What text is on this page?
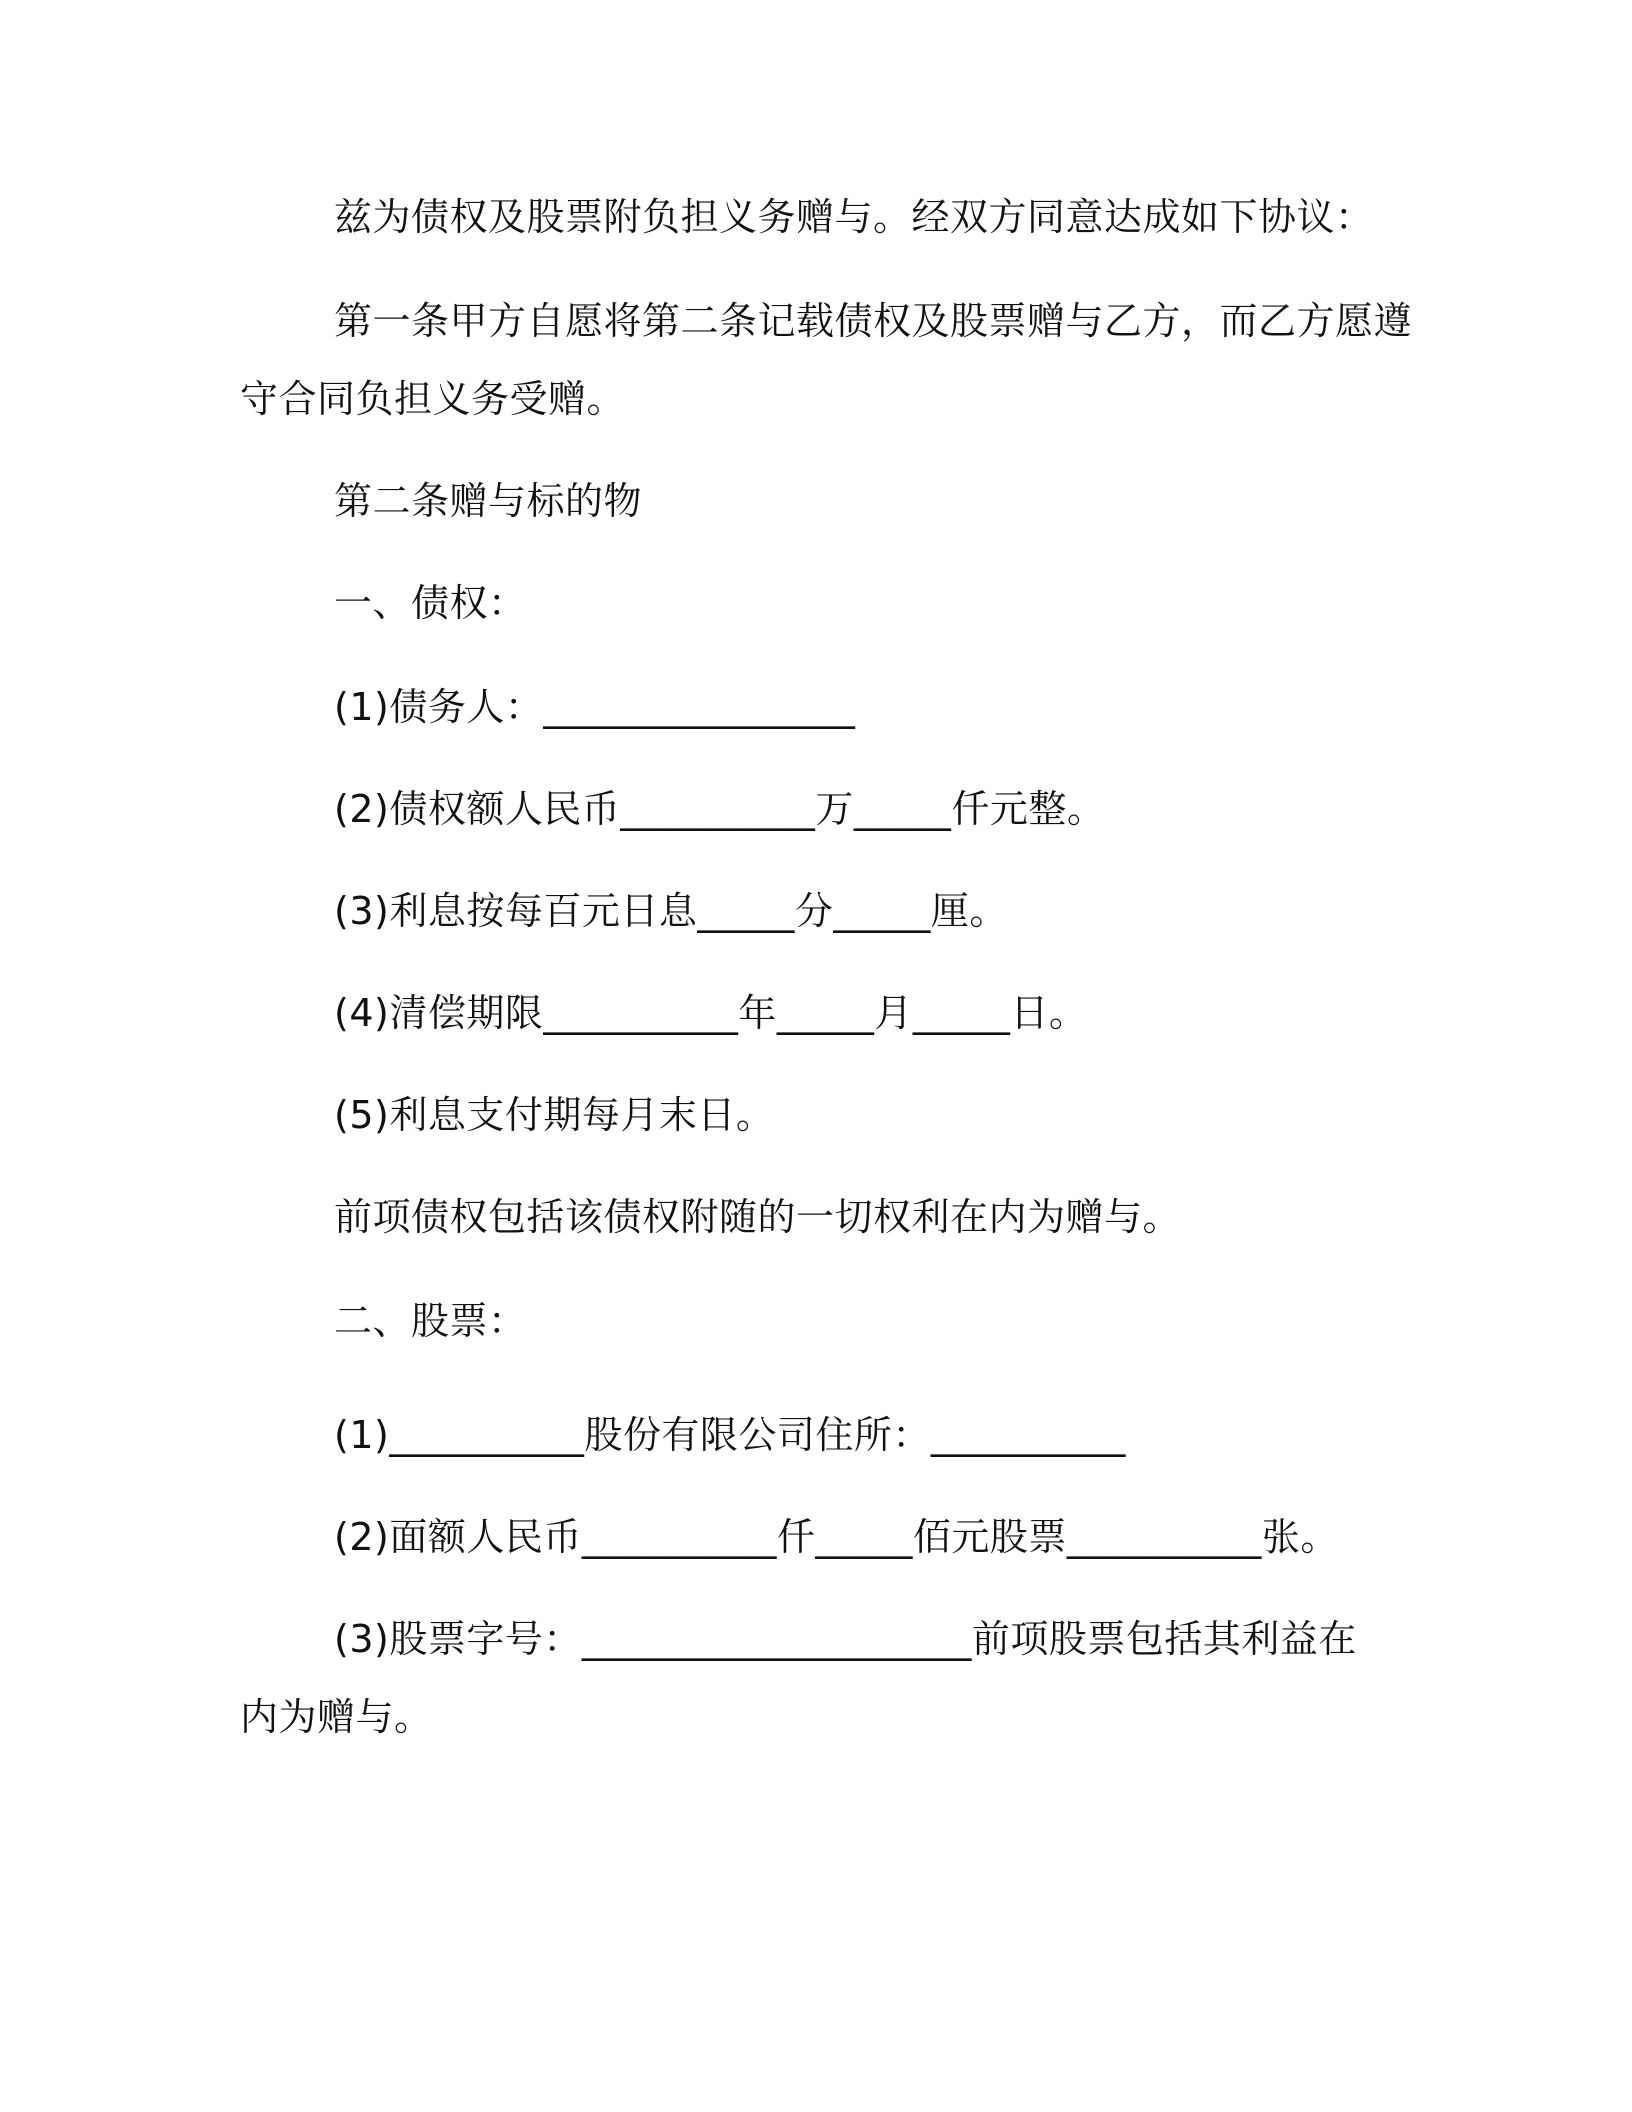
兹为债权及股票附负担义务赠与。经双方同意达成如下协议：
第一条甲方自愿将第二条记载债权及股票赠与乙方，而乙方愿遵
守合同负担义务受赠。
第二条赠与标的物
一、债权：
(1)债务人：________________
(2)债权额人民币__________万_____仟元整。
(3)利息按每百元日息_____分_____厘。
(4)清偿期限__________年_____月_____日。
(5)利息支付期每月末日。
前项债权包括该债权附随的一切权利在内为赠与。
二、股票：
(1)__________股份有限公司住所：__________
(2)面额人民币__________仟_____佰元股票__________张。
(3)股票字号：____________________前项股票包括其利益在
内为赠与。
